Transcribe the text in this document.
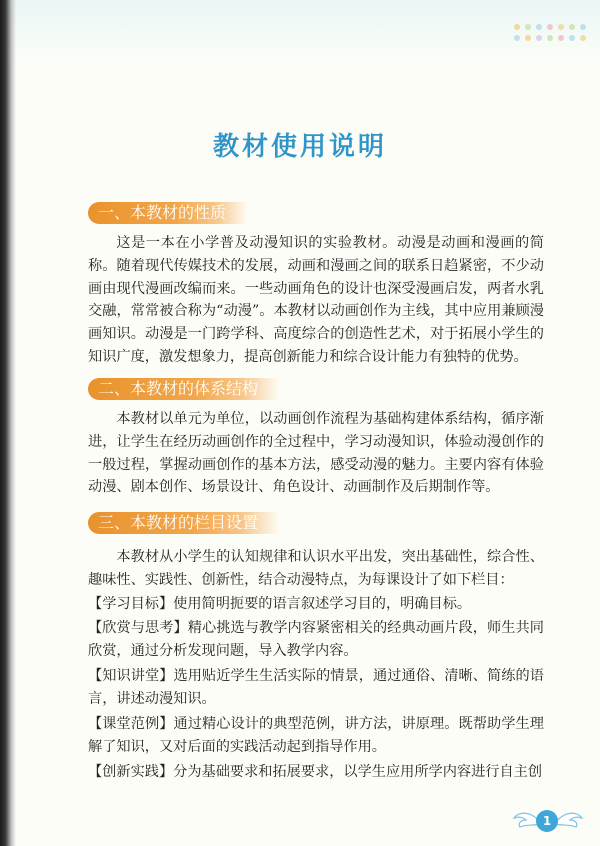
教材使用说明
一、本教材的性质
这是一本在小学普及动漫知识的实验教材。动漫是动画和漫画的简称。随着现代传媒技术的发展，动画和漫画之间的联系日趋紧密，不少动画由现代漫画改编而来。一些动画角色的设计也深受漫画启发，两者水乳交融，常常被合称为“动漫”。本教材以动画创作为主线，其中应用兼顾漫画知识。动漫是一门跨学科、高度综合的创造性艺术，对于拓展小学生的知识广度，激发想象力，提高创新能力和综合设计能力有独特的优势。
二、本教材的体系结构
本教材以单元为单位，以动画创作流程为基础构建体系结构，循序渐进，让学生在经历动画创作的全过程中，学习动漫知识，体验动漫创作的一般过程，掌握动画创作的基本方法，感受动漫的魅力。主要内容有体验动漫、剧本创作、场景设计、角色设计、动画制作及后期制作等。
三、本教材的栏目设置
本教材从小学生的认知规律和认识水平出发，突出基础性，综合性、趣味性、实践性、创新性，结合动漫特点，为每课设计了如下栏目：
【学习目标】使用简明扼要的语言叙述学习目的，明确目标。
【欣赏与思考】精心挑选与教学内容紧密相关的经典动画片段，师生共同欣赏，通过分析发现问题，导入教学内容。
【知识讲堂】选用贴近学生生活实际的情景，通过通俗、清晰、简练的语言，讲述动漫知识。
【课堂范例】通过精心设计的典型范例，讲方法，讲原理。既帮助学生理解了知识，又对后面的实践活动起到指导作用。
【创新实践】分为基础要求和拓展要求，以学生应用所学内容进行自主创
1
